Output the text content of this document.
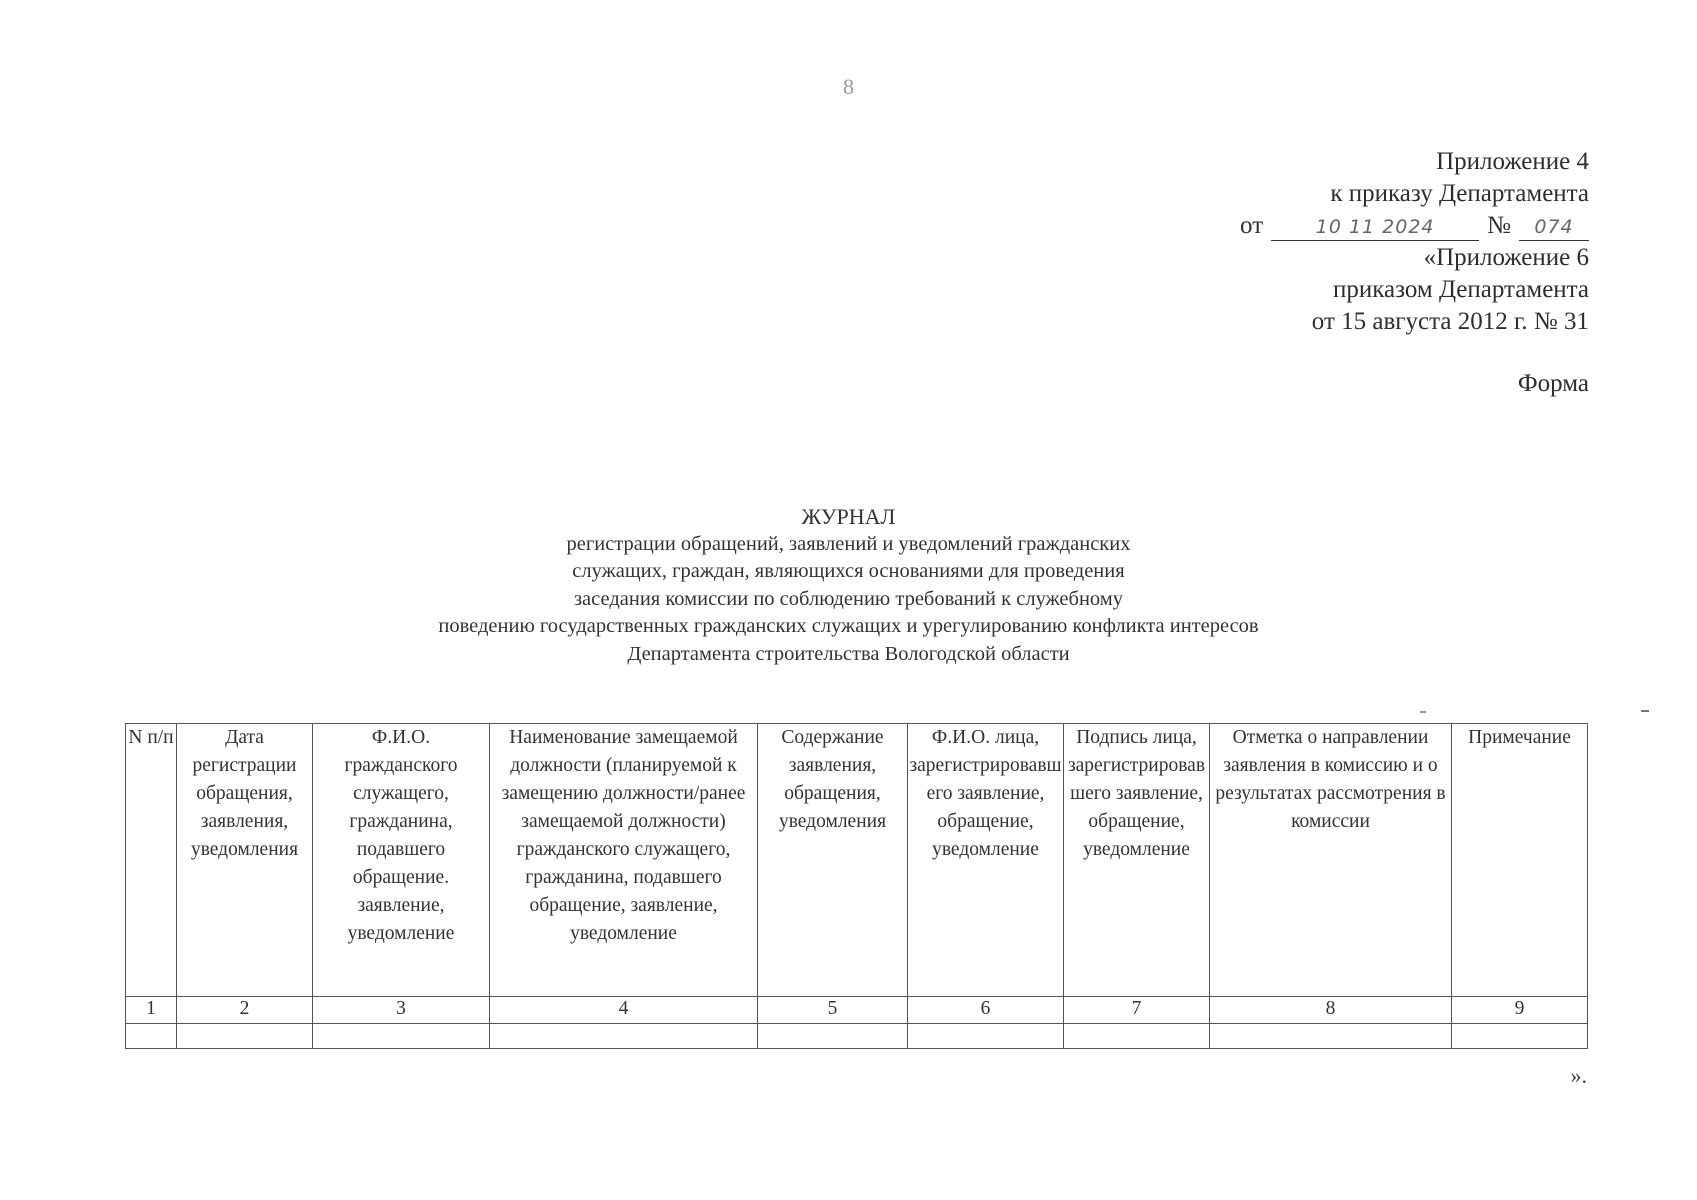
8
Приложение 4
к приказу Департамента
от	10 11 2024	№	074
«Приложение 6
приказом Департамента
от 15 августа 2012 г. № 31
Форма
ЖУРНАЛ
регистрации обращений, заявлений и уведомлений гражданских
служащих, граждан, являющихся основаниями для проведения
заседания комиссии по соблюдению требований к служебному
поведению государственных гражданских служащих и урегулированию конфликта интересов
Департамента строительства Вологодской области
N п/п	Дата регистрации обращения, заявления, уведомления	Ф.И.О. гражданского служащего, гражданина, подавшего обращение. заявление, уведомление	Наименование замещаемой должности (планируемой к замещению должности/ранее замещаемой должности) гражданского служащего, гражданина, подавшего обращение, заявление, уведомление	Содержание заявления, обращения, уведомления	Ф.И.О. лица, зарегистрировавшего заявление, обращение, уведомление	Подпись лица, зарегистрировавшего заявление, обращение, уведомление	Отметка о направлении заявления в комиссию и о результатах рассмотрения в комиссии	Примечание
1	2	3	4	5	6	7	8	9

».
